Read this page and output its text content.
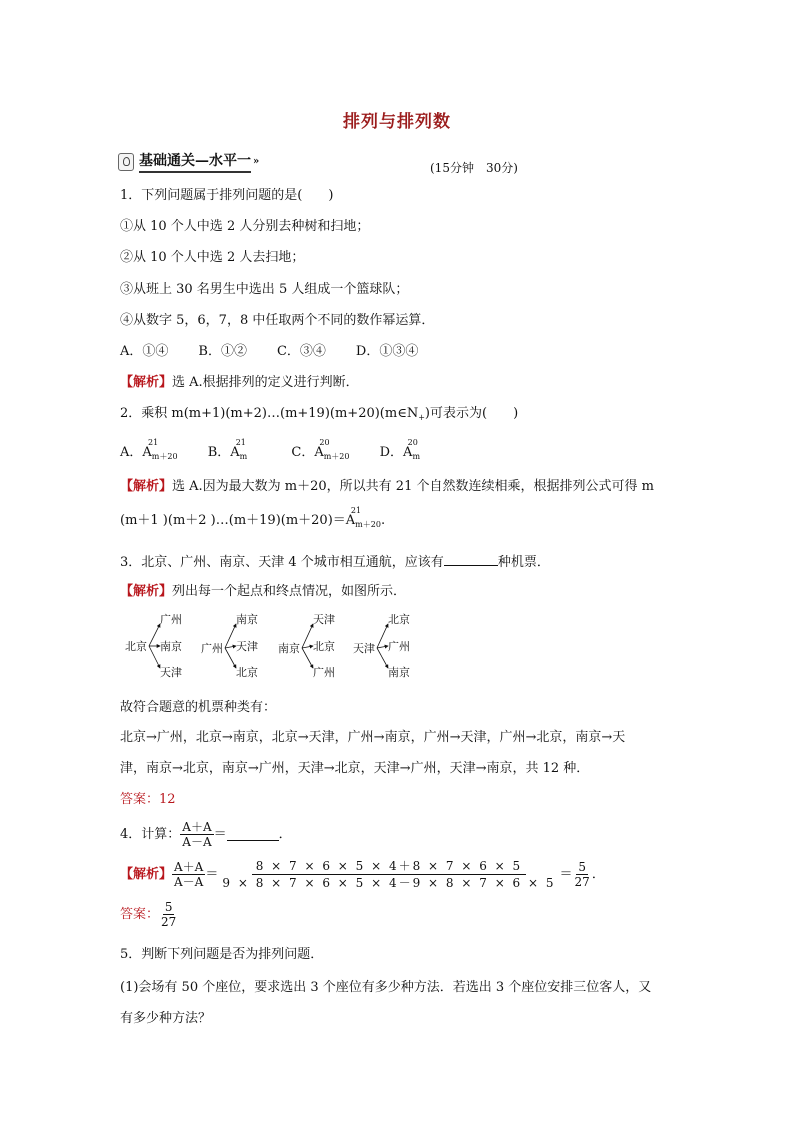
排列与排列数
基础通关—水平一 »	(15分钟　30分)
1．下列问题属于排列问题的是(　　)
①从 10 个人中选 2 人分别去种树和扫地；
②从 10 个人中选 2 人去扫地；
③从班上 30 名男生中选出 5 人组成一个篮球队；
④从数字 5，6，7，8 中任取两个不同的数作幂运算．
A．①④ B．①② C．③④ D．①③④
【解析】选 A.根据排列的定义进行判断．
2．乘积 $m(m+1)(m+2)\dots(m+19)(m+20)(m\in N_+)$可表示为(　　)
A．A
21
$_{m+20}$ B．A
21
$_m$	C．A
20
$_{m+20}$ D．A
20
$_m$
【解析】选 A.因为最大数为 m＋20，所以共有 21 个自然数连续相乘，根据排列公式可得 m
(m＋1 )(m＋2 )…(m＋19)(m＋20)＝A
21
$_{m+20}$.
3．北京、广州、南京、天津 4 个城市相互通航，应该有	种机票．
【解析】列出每一个起点和终点情况，如图所示．
北京
广州
南京
天津
广州
南京
天津
北京
南京
天津
北京
广州
天津
北京
广州
南京
故符合题意的机票种类有：
北京→广州，北京→南京，北京→天津，广州→南京，广州→天津，广州→北京，南京→天
津，南京→北京，南京→广州，天津→北京，天津→广州，天津→南京，共 12 种．
答案：12
4．计算： $\frac{A+A}{A-A}$ ＝	．
【解析】 $\frac{A+A}{A-A} = \frac{8 \times 7 \times 6 \times 5 \times 4+8 \times 7 \times 6 \times 5}{9 \times 8 \times 7 \times 6 \times 5 \times 4-9 \times 8 \times 7 \times 6 \times 5} = \frac{5}{27}$ ．
答案： $\frac{5}{27}$
5．判断下列问题是否为排列问题．
(1)会场有 50 个座位，要求选出 3 个座位有多少种方法．若选出 3 个座位安排三位客人，又
有多少种方法？
